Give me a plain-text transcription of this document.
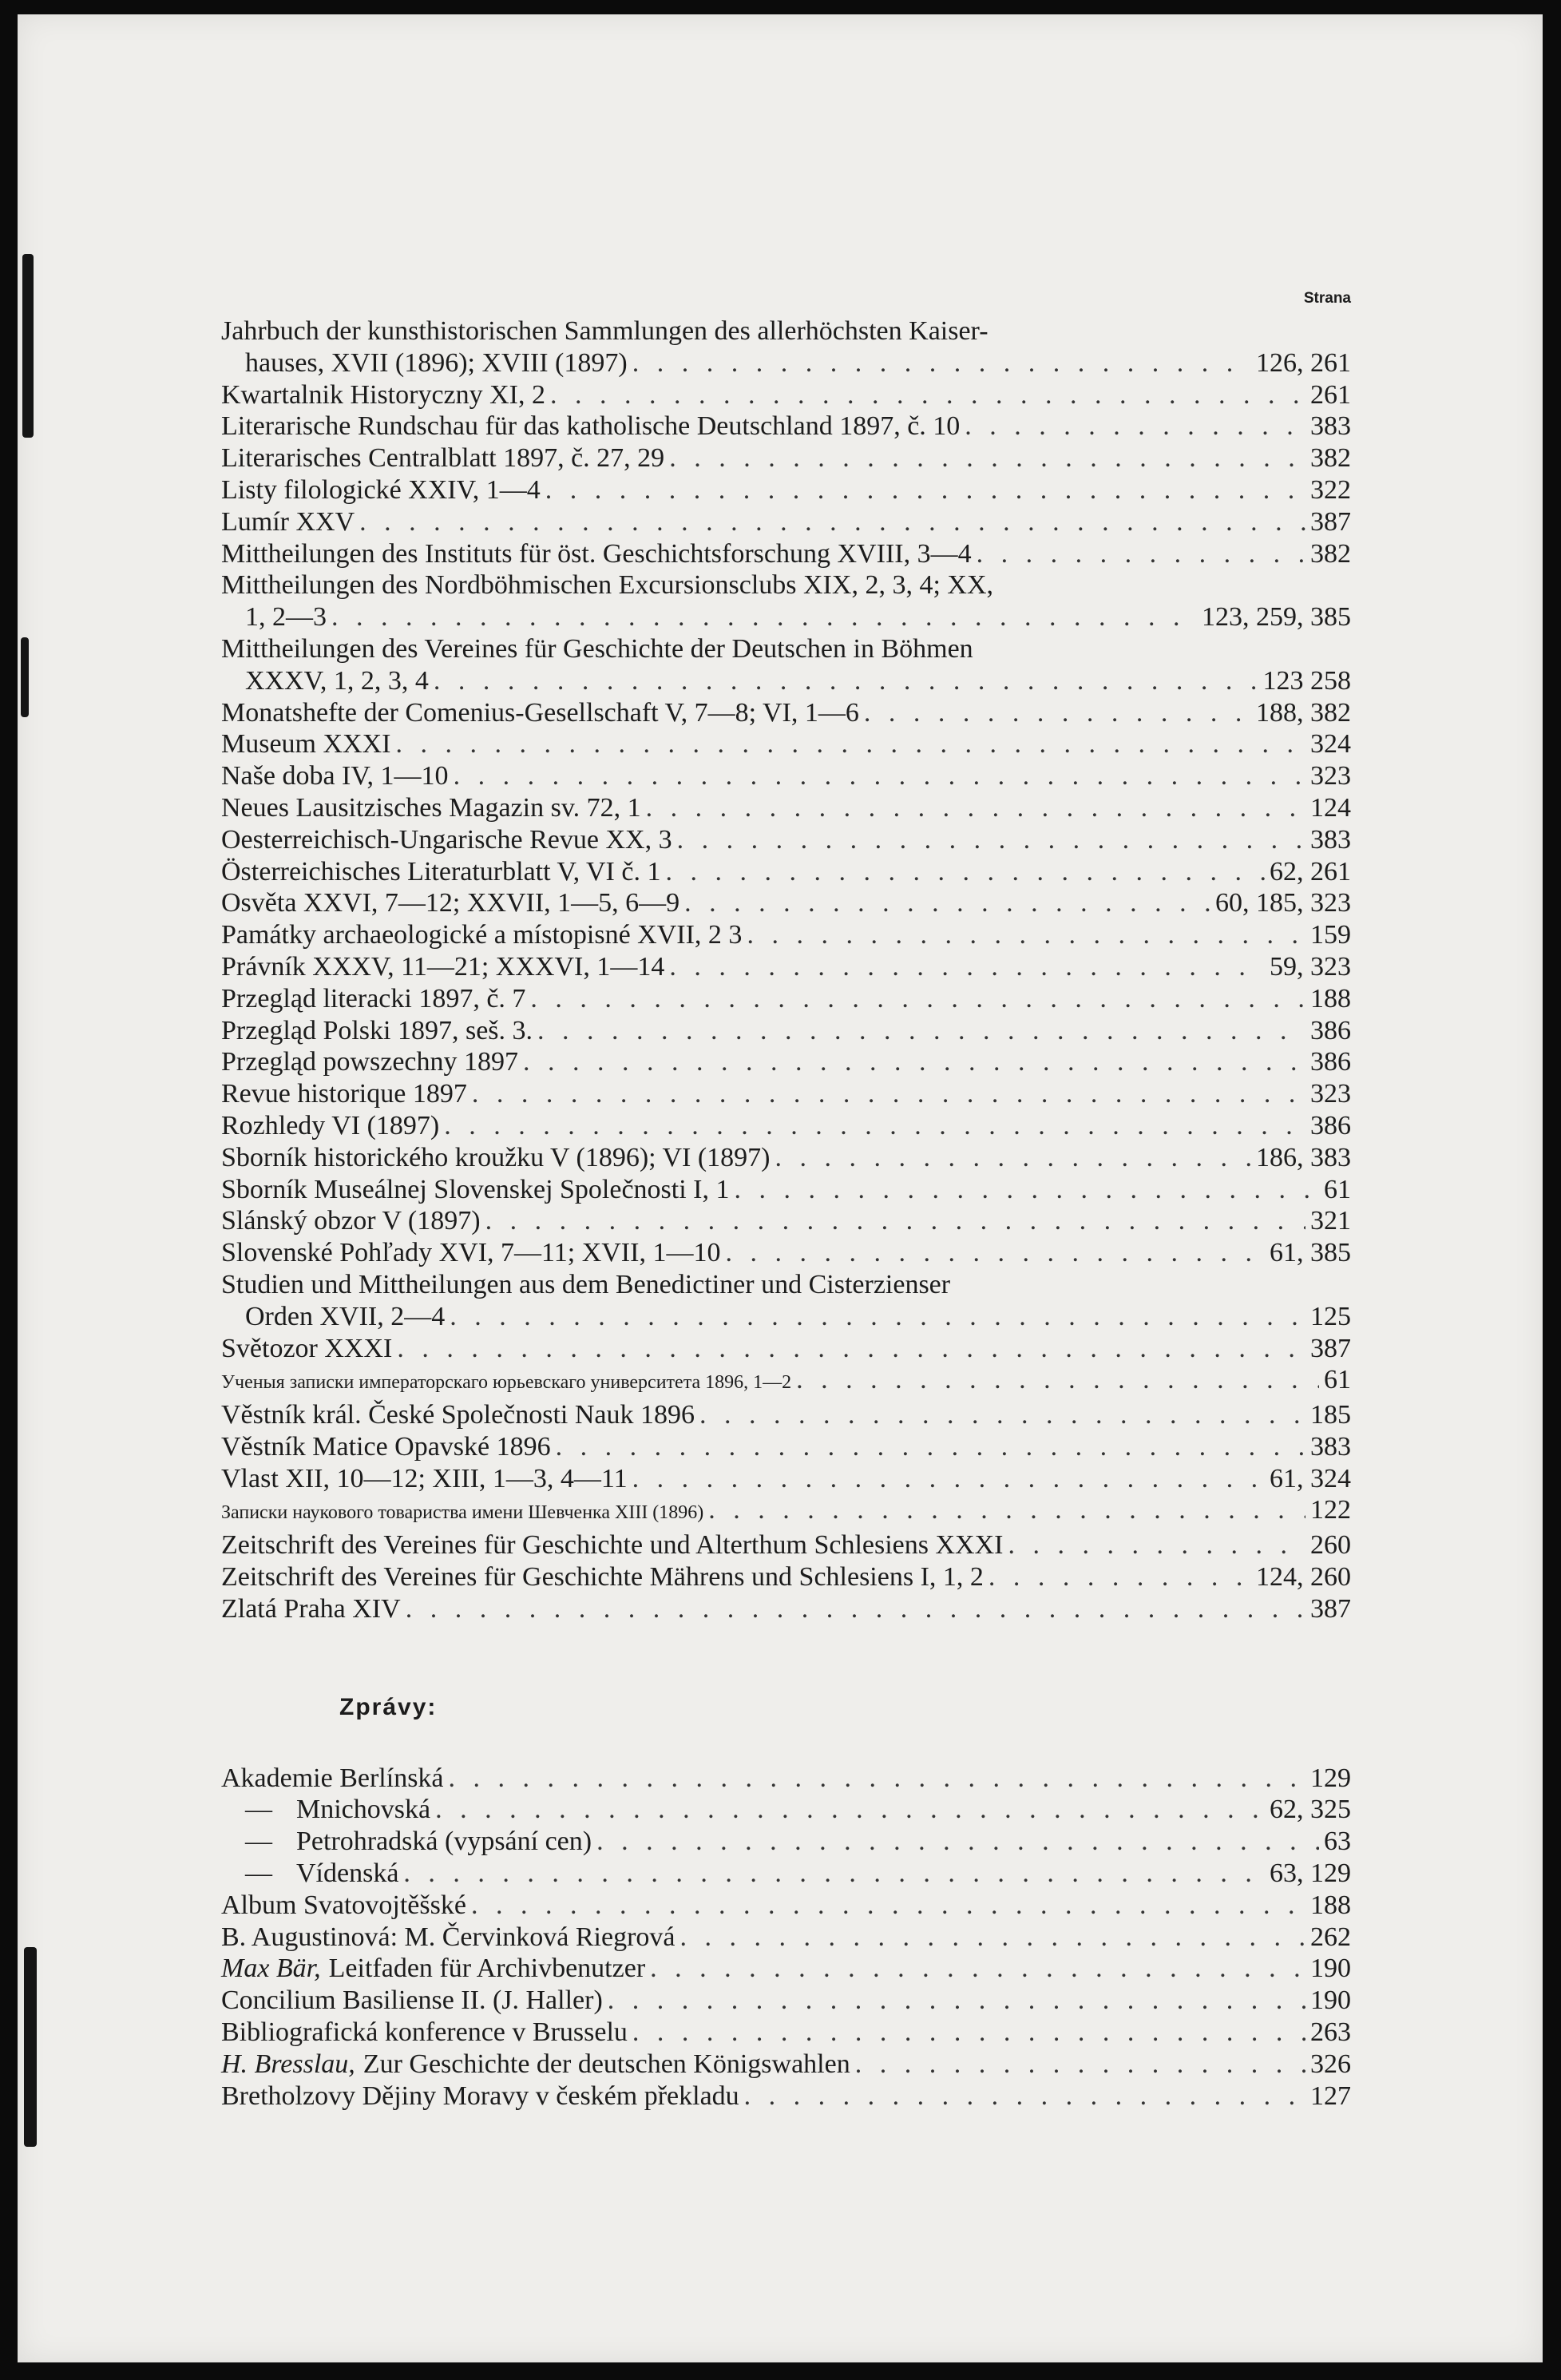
Strana
Jahrbuch der kunsthistorischen Sammlungen des allerhöchsten Kaiser-
hauses, XVII (1896); XVIII (1897) . . .	126, 261
Kwartalnik Historyczny XI, 2 . . .	261
Literarische Rundschau für das katholische Deutschland 1897, č. 10 . . .	383
Literarisches Centralblatt 1897, č. 27, 29 . . .	382
Listy filologické XXIV, 1—4 . . .	322
Lumír XXV . . .	387
Mittheilungen des Instituts für öst. Geschichtsforschung XVIII, 3—4 . . .	382
Mittheilungen des Nordböhmischen Excursionsclubs XIX, 2, 3, 4; XX,
1, 2—3 . . .	123, 259, 385
Mittheilungen des Vereines für Geschichte der Deutschen in Böhmen
XXXV, 1, 2, 3, 4 . . .	123 258
Monatshefte der Comenius-Gesellschaft V, 7—8; VI, 1—6 . . .	188, 382
Museum XXXI . . .	324
Naše doba IV, 1—10 . . .	323
Neues Lausitzisches Magazin sv. 72, 1 . . .	124
Oesterreichisch-Ungarische Revue XX, 3 . . .	383
Österreichisches Literaturblatt V, VI č. 1 . . .	62, 261
Osvěta XXVI, 7—12; XXVII, 1—5, 6—9 . . .	60, 185, 323
Památky archaeologické a místopisné XVII, 2 3 . . .	159
Právník XXXV, 11—21; XXXVI, 1—14 . . .	59, 323
Przegląd literacki 1897, č. 7 . . .	188
Przegląd Polski 1897, seš. 3. . . .	386
Przegląd powszechny 1897 . . .	386
Revue historique 1897 . . .	323
Rozhledy VI (1897) . . .	386
Sborník historického kroužku V (1896); VI (1897) . . .	186, 383
Sborník Museálnej Slovenskej Společnosti I, 1 . . .	61
Slánský obzor V (1897) . . .	321
Slovenské Pohľady XVI, 7—11; XVII, 1—10 . . .	61, 385
Studien und Mittheilungen aus dem Benedictiner und Cisterzienser
Orden XVII, 2—4 . . .	125
Světozor XXXI . . .	387
Ученыя записки императорскаго юрьевскаго университета 1896, 1—2 . . .	61
Věstník král. České Společnosti Nauk 1896 . . .	185
Věstník Matice Opavské 1896 . . .	383
Vlast XII, 10—12; XIII, 1—3, 4—11 . . .	61, 324
Записки наукового товариства имени Шевченка XIII (1896) . . .	122
Zeitschrift des Vereines für Geschichte und Alterthum Schlesiens XXXI . . .	260
Zeitschrift des Vereines für Geschichte Mährens und Schlesiens I, 1, 2 . . .	124, 260
Zlatá Praha XIV . . .	387
Zprávy:
Akademie Berlínská . . .	129
— Mnichovská . . .	62, 325
— Petrohradská (vypsání cen) . . .	63
— Vídenská . . .	63, 129
Album Svatovojtěšské . . .	188
B. Augustinová: M. Červinková Riegrová . . .	262
Max Bär, Leitfaden für Archivbenutzer . . .	190
Concilium Basiliense II. (J. Haller) . . .	190
Bibliografická konference v Brusselu . . .	263
H. Bresslau, Zur Geschichte der deutschen Königswahlen . . .	326
Bretholzovy Dějiny Moravy v českém překladu . . .	127
